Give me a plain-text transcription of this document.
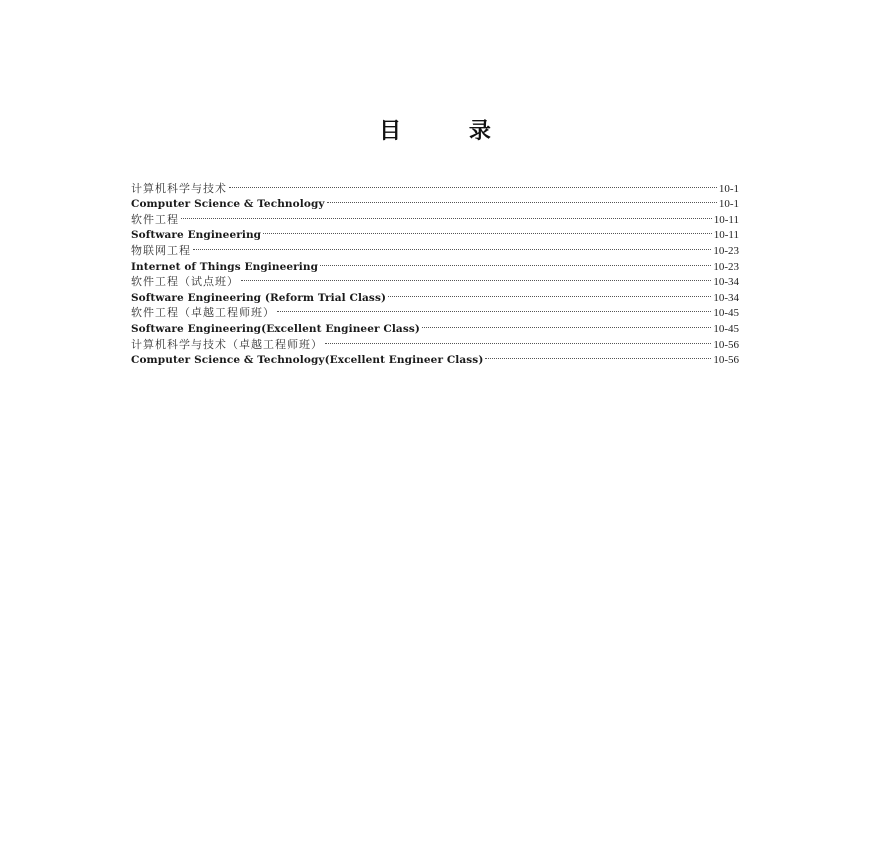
目 录
计算机科学与技术	10-1
Computer Science & Technology	10-1
软件工程	10-11
Software Engineering	10-11
物联网工程	10-23
Internet of Things Engineering	10-23
软件工程（试点班）	10-34
Software Engineering (Reform Trial Class)	10-34
软件工程（卓越工程师班）	10-45
Software Engineering(Excellent Engineer Class)	10-45
计算机科学与技术（卓越工程师班）	10-56
Computer Science & Technology(Excellent Engineer Class)	10-56
